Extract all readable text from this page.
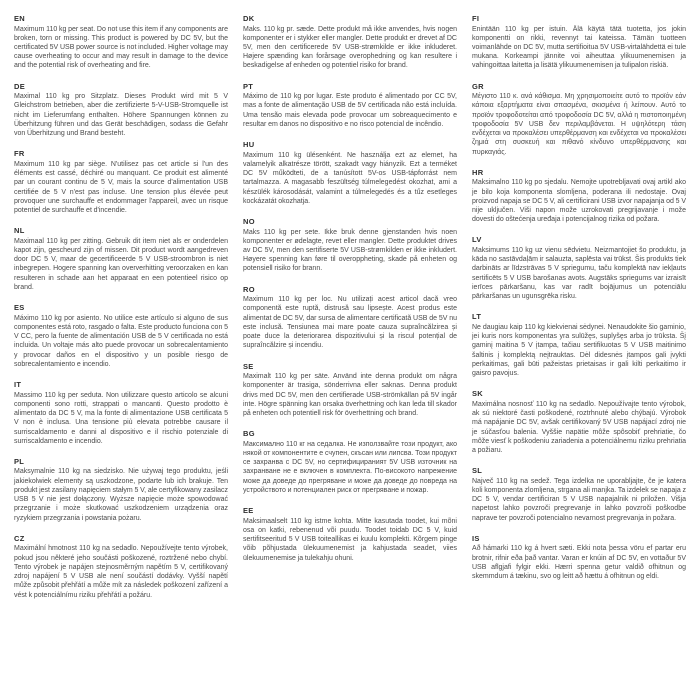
EN

Maximum 110 kg per seat. Do not use this item if any components are broken, torn or missing. This product is powered by DC 5V, but the certificated 5V USB power source is not included. Higher voltage may cause overheating to occur and may result in damage to the device and the potential risk of overheating and fire.

DE

Maximal 110 kg pro Sitzplatz. Dieses Produkt wird mit 5 V Gleichstrom betrieben, aber die zertifizierte 5-V-USB-Stromquelle ist nicht im Lieferumfang enthalten. Höhere Spannungen können zu Überhitzung führen und das Gerät beschädigen, sodass die Gefahr von Überhitzung und Brand besteht.

FR

Maximum 110 kg par siège. N'utilisez pas cet article si l'un des éléments est cassé, déchiré ou manquant. Ce produit est alimenté par un courant continu de 5 V, mais la source d'alimentation USB certifiée de 5 V n'est pas incluse. Une tension plus élevée peut provoquer une surchauffe et endommager l'appareil, avec un risque potentiel de surchauffe et d'incendie.

NL

Maximaal 110 kg per zitting. Gebruik dit item niet als er onderdelen kapot zijn, gescheurd zijn of missen. Dit product wordt aangedreven door DC 5 V, maar de gecertificeerde 5 V USB-stroombron is niet inbegrepen. Hogere spanning kan oververhitting veroorzaken en kan resulteren in schade aan het apparaat en een potentieel risico op brand.

ES

Máximo 110 kg por asiento. No utilice este artículo si alguno de sus componentes está roto, rasgado o falta. Este producto funciona con 5 V CC, pero la fuente de alimentación USB de 5 V certificada no está incluida. Un voltaje más alto puede provocar un sobrecalentamiento y provocar daños en el dispositivo y un posible riesgo de sobrecalentamiento e incendio.

IT

Massimo 110 kg per seduta. Non utilizzare questo articolo se alcuni componenti sono rotti, strappati o mancanti. Questo prodotto è alimentato da DC 5 V, ma la fonte di alimentazione USB certificata 5 V non è inclusa. Una tensione più elevata potrebbe causare il surriscaldamento e danni al dispositivo e il rischio potenziale di surriscaldamento e incendio.

PL

Maksymalnie 110 kg na siedzisko. Nie używaj tego produktu, jeśli jakiekolwiek elementy są uszkodzone, podarte lub ich brakuje. Ten produkt jest zasilany napięciem stałym 5 V, ale certyfikowany zasilacz USB 5 V nie jest dołączony. Wyższe napięcie może spowodować przegrzanie i może skutkować uszkodzeniem urządzenia oraz ryzykiem przegrzania i powstania pożaru.

CZ

Maximální hmotnost 110 kg na sedadlo. Nepoužívejte tento výrobek, pokud jsou některé jeho součásti poškozené, roztržené nebo chybí. Tento výrobek je napájen stejnosměrným napětím 5 V, certifikovaný zdroj napájení 5 V USB ale není součástí dodávky. Vyšší napětí může způsobit přehřátí a může mít za následek poškození zařízení a vést k potenciálnímu riziku přehřátí a požáru.

DK

Maks. 110 kg pr. sæde. Dette produkt må ikke anvendes, hvis nogen komponenter er i stykker eller mangler. Dette produkt er drevet af DC 5V, men den certificerede 5V USB-strømkilde er ikke inkluderet. Højere spænding kan forårsage overophedning og kan resultere i beskadigelse af enheden og potentiel risiko for brand.

PT

Máximo de 110 kg por lugar. Este produto é alimentado por CC 5V, mas a fonte de alimentação USB de 5V certificada não está incluída. Uma tensão mais elevada pode provocar um sobreaquecimento e resultar em danos no dispositivo e no risco potencial de incêndio.

HU

Maximum 110 kg ülésenként. Ne használja ezt az elemet, ha valamelyik alkatrésze törött, szakadt vagy hiányzik. Ezt a terméket DC 5V működteti, de a tanúsított 5V-os USB-tápforrást nem tartalmazza. A magasabb feszültség túlmelegedést okozhat, ami a készülék károsodását, valamint a túlmelegedés és a tűz esetleges kockázatát okozhatja.

NO

Maks 110 kg per sete. Ikke bruk denne gjenstanden hvis noen komponenter er ødelagte, revet eller mangler. Dette produktet drives av DC 5V, men den sertifiserte 5V USB-strømkilden er ikke inkludert. Høyere spenning kan føre til overoppheting, skade på enheten og potensiell risiko for brann.

RO

Maximum 110 kg per loc. Nu utilizați acest articol dacă vreo componentă este ruptă, distrusă sau lipsește. Acest produs este alimentat de DC 5V, dar sursa de alimentare certificată USB de 5V nu este inclusă. Tensiunea mai mare poate cauza supraîncălzirea și poate duce la deteriorarea dispozitivului și la riscul potențial de supraîncălzire și incendiu.

SE

Maximalt 110 kg per säte. Använd inte denna produkt om några komponenter är trasiga, sönderrivna eller saknas. Denna produkt drivs med DC 5V, men den certifierade USB-strömkällan på 5V ingår inte. Högre spänning kan orsaka överhettning och kan leda till skador på enheten och potentiell risk för överhettning och brand.

BG

Максимално 110 кг на седалка. Не използвайте този продукт, ако някой от компонентите е счупен, скъсан или липсва. Този продукт се захранва с DC 5V, но сертифицираният 5V USB източник на захранване не е включен в комплекта. По-високото напрежение може да доведе до прегряване и може да доведе до повреда на устройството и потенциален риск от прегряване и пожар.

EE

Maksimaalselt 110 kg istme kohta. Mitte kasutada toodet, kui mõni osa on katki, rebenenud või puudu. Toodet toidab DC 5 V, kuid sertifitseeritud 5 V USB toiteallikas ei kuulu komplekti. Kõrgem pinge võib põhjustada ülekuumenemist ja kahjustada seadet, viies ülekuumenemise ja tulekahju ohuni.

FI

Enintään 110 kg per istuin. Älä käytä tätä tuotetta, jos jokin komponentti on rikki, revennyt tai kateissa. Tämän tuotteen voimanlähde on DC 5V, mutta sertifioitua 5V USB-virtalähdettä ei tule mukana. Korkeampi jännite voi aiheuttaa ylikuumenemisen ja vahingoittaa laitetta ja lisätä ylikuumenemisen ja tulipalon riskiä.

GR

Μέγιστο 110 κ. ανά κάθισμα. Μη χρησιμοποιείτε αυτό το προϊόν εάν κάποια εξαρτήματα είναι σπασμένα, σκισμένα ή λείπουν. Αυτό το προϊόν τροφοδοτείται από τροφοδοσία DC 5V, αλλά η πιστοποιημένη τροφοδοσία 5V USB δεν περιλαμβάνεται. Η υψηλότερη τάση ενδέχεται να προκαλέσει υπερθέρμανση και ενδέχεται να προκαλέσει ζημιά στη συσκευή και πιθανό κίνδυνο υπερθέρμανσης και πυρκαγιάς.

HR

Maksimalno 110 kg po sjedalu. Nemojte upotrebljavati ovaj artikl ako je bilo koja komponenta slomljena, poderana ili nedostaje. Ovaj proizvod napaja se DC 5 V, ali certificirani USB izvor napajanja od 5 V nije uključen. Viši napon može uzrokovati pregrijavanje i može dovesti do oštećenja uređaja i potencijalnog rizika od požara.

LV

Maksimums 110 kg uz vienu sēdvietu. Neizmantojiet šo produktu, ja kāda no sastāvdaļām ir salauzta, saplēsta vai trūkst. Šis produkts tiek darbināts ar līdzstrāvas 5 V spriegumu, taču komplektā nav iekļauts sertificēts 5 V USB barošanas avots. Augstāks spriegums var izraisīt ierīces pārkaršanu, kas var radīt bojājumus un potenciālu pārkaršanas un ugunsgrēka risku.

LT

Ne daugiau kaip 110 kg kiekvienai sėdynei. Nenaudokite šio gaminio, jei kuris nors komponentas yra sulūžęs, suplyšęs arba jo trūksta. Šį gaminį maitina 5 V įtampa, tačiau sertifikuotas 5 V USB maitinimo šaltinis į komplektą neįtrauktas. Dėl didesnės įtampos gali įvykti perkaitimas, gali būti pažeistas prietaisas ir gali kilti perkaitimo ir gaisro pavojus.

SK

Maximálna nosnosť 110 kg na sedadlo. Nepoužívajte tento výrobok, ak sú niektoré časti poškodené, roztrhnuté alebo chýbajú. Výrobok má napájanie DC 5V, avšak certifikovaný 5V USB napájací zdroj nie je súčasťou balenia. Vyššie napätie môže spôsobiť prehriatie, čo môže viesť k poškodeniu zariadenia a potenciálnemu riziku prehriatia a požiaru.

SL

Največ 110 kg na sedež. Tega izdelka ne uporabljajte, če je katera koli komponenta zlomljena, strgana ali manjka. Ta izdelek se napaja z DC 5 V, vendar certificiran 5 V USB napajalnik ni priložen. Višja napetost lahko povzroči pregrevanje in lahko povzroči poškodbe naprave ter povzroči potencialno nevarnost pregrevanja in požara.

IS

Að hámarki 110 kg á hvert sæti. Ekki nota þessa vöru ef partar eru brotnir, rifnir eða það vantar. Varan er knúin af DC 5V, en vottaður 5V USB aflgjafi fylgir ekki. Hærri spenna getur valdið ofhitnun og skemmdum á tækinu, svo og leitt að hættu á ofhitnun og eldi.
